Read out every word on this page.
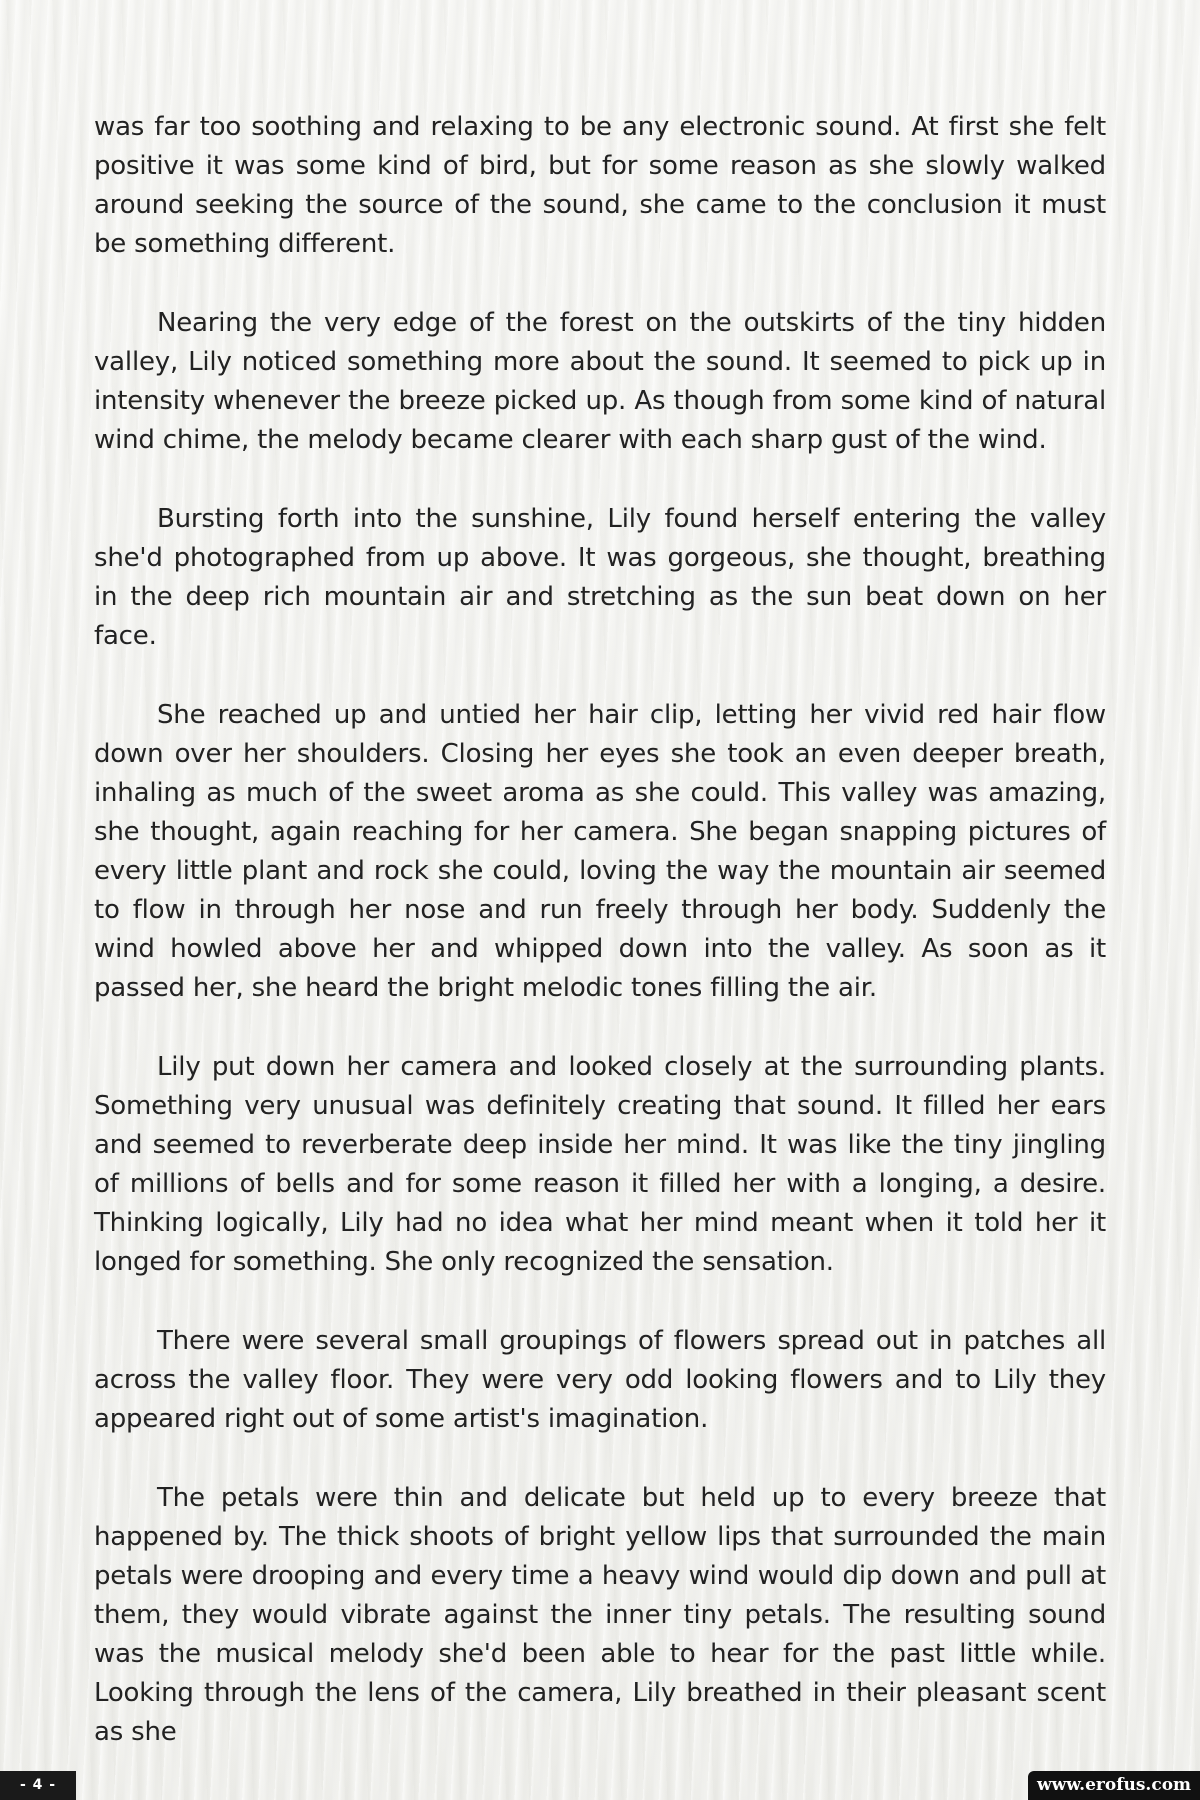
was far too soothing and relaxing to be any electronic sound. At first she felt positive it was some kind of bird, but for some reason as she slowly walked around seeking the source of the sound, she came to the conclusion it must be something different.

Nearing the very edge of the forest on the outskirts of the tiny hidden valley, Lily noticed something more about the sound. It seemed to pick up in intensity whenever the breeze picked up. As though from some kind of natural wind chime, the melody became clearer with each sharp gust of the wind.

Bursting forth into the sunshine, Lily found herself entering the valley she'd photographed from up above. It was gorgeous, she thought, breathing in the deep rich mountain air and stretching as the sun beat down on her face.

She reached up and untied her hair clip, letting her vivid red hair flow down over her shoulders. Closing her eyes she took an even deeper breath, inhaling as much of the sweet aroma as she could. This valley was amazing, she thought, again reaching for her camera. She began snapping pictures of every little plant and rock she could, loving the way the mountain air seemed to flow in through her nose and run freely through her body. Suddenly the wind howled above her and whipped down into the valley. As soon as it passed her, she heard the bright melodic tones filling the air.

Lily put down her camera and looked closely at the surrounding plants. Something very unusual was definitely creating that sound. It filled her ears and seemed to reverberate deep inside her mind. It was like the tiny jingling of millions of bells and for some reason it filled her with a longing, a desire. Thinking logically, Lily had no idea what her mind meant when it told her it longed for something. She only recognized the sensation.

There were several small groupings of flowers spread out in patches all across the valley floor. They were very odd looking flowers and to Lily they appeared right out of some artist's imagination.

The petals were thin and delicate but held up to every breeze that happened by. The thick shoots of bright yellow lips that surrounded the main petals were drooping and every time a heavy wind would dip down and pull at them, they would vibrate against the inner tiny petals. The resulting sound was the musical melody she'd been able to hear for the past little while. Looking through the lens of the camera, Lily breathed in their pleasant scent as she

- 4 -	www.erofus.com
